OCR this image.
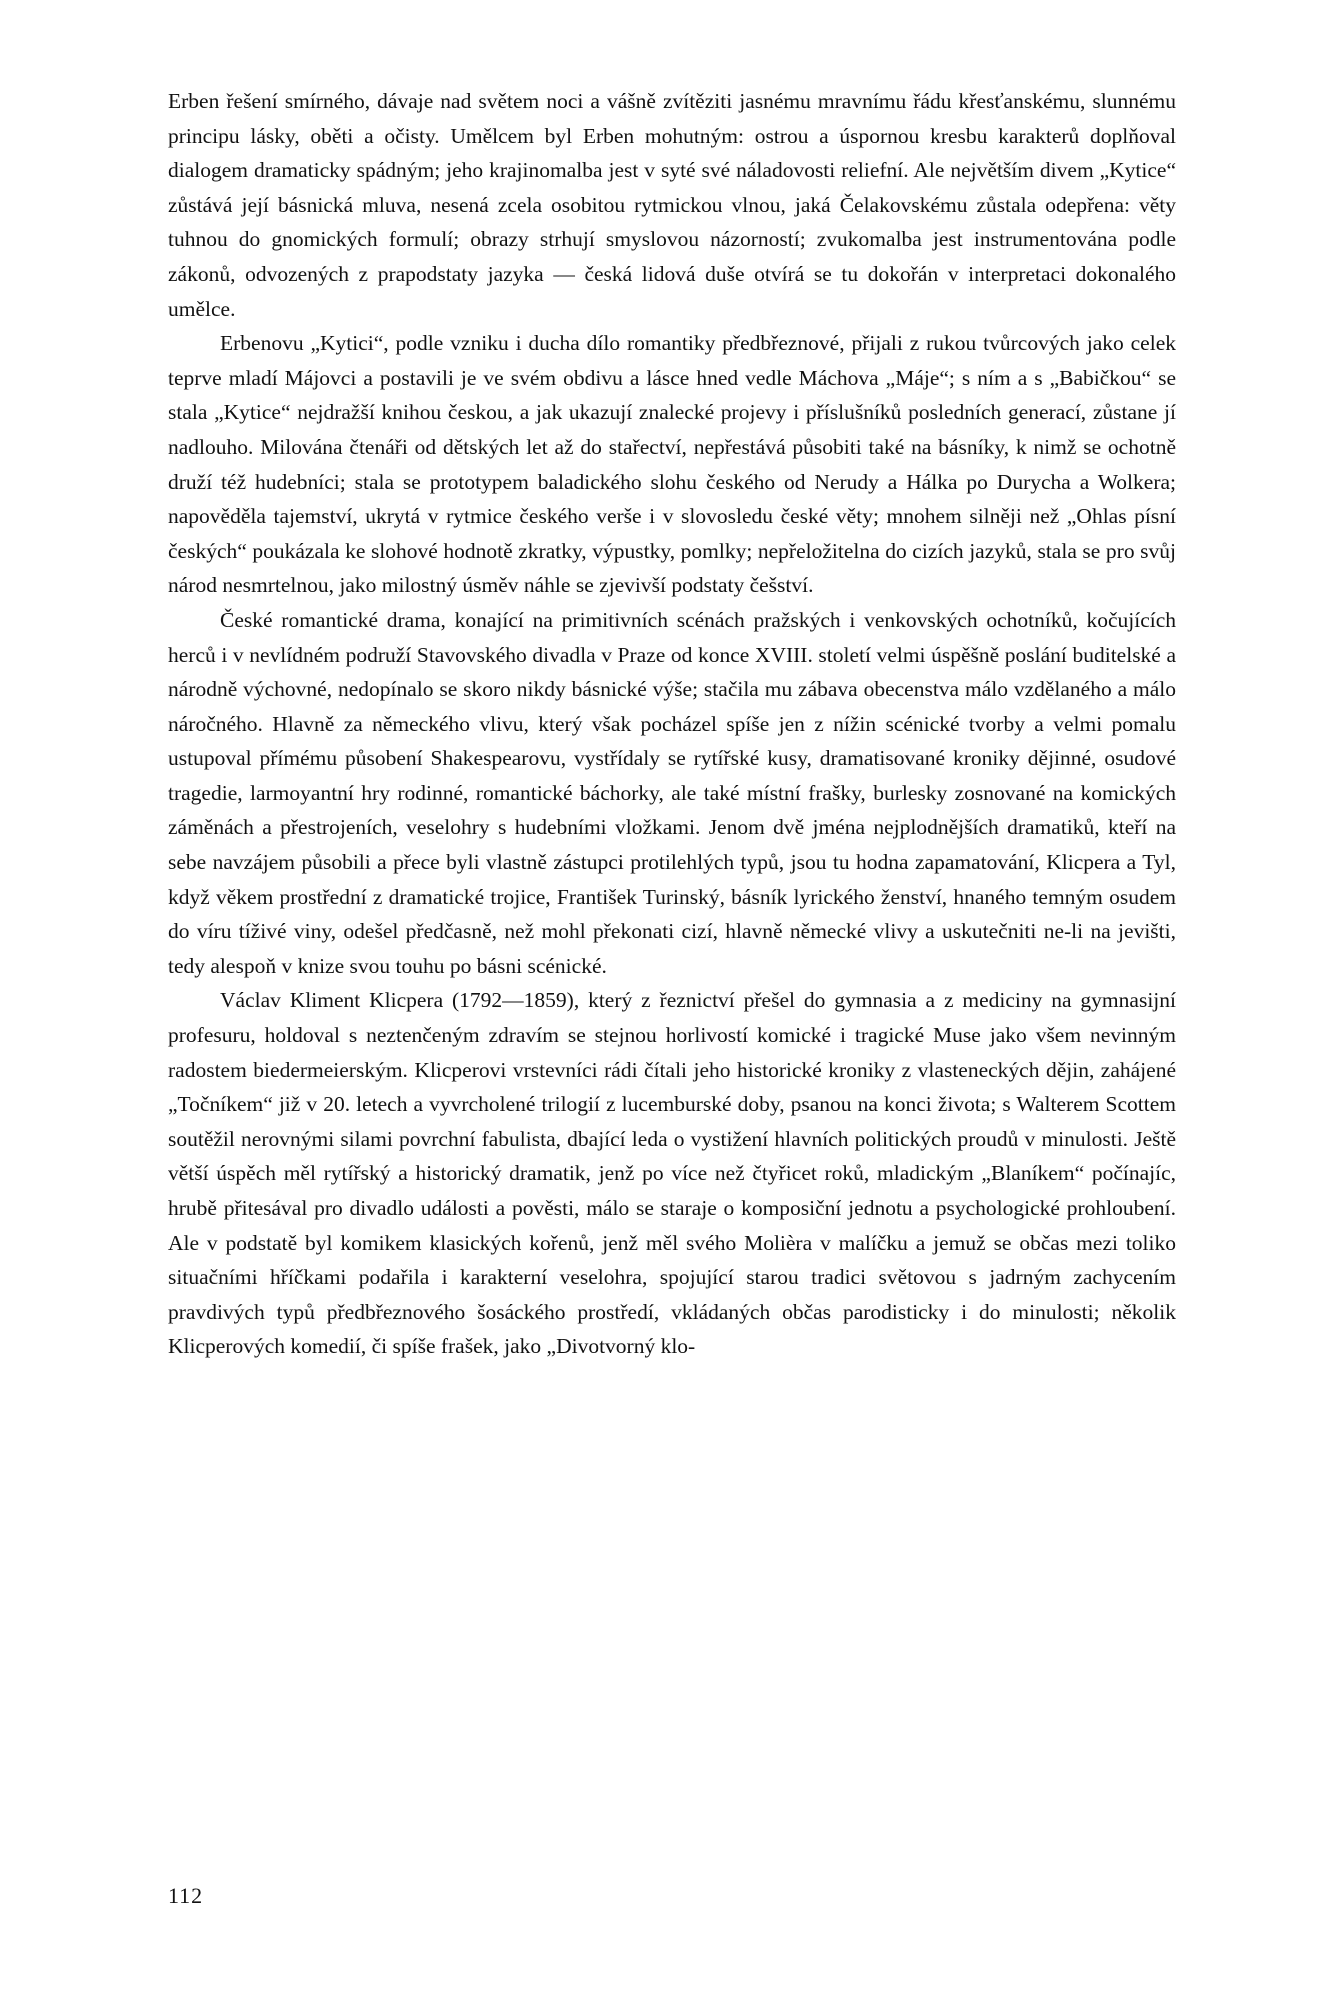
Erben řešení smírného, dávaje nad světem noci a vášně zvítěziti jasnému mravnímu řádu křesťanskému, slunnému principu lásky, oběti a očisty. Umělcem byl Erben mohutným: ostrou a úspornou kresbu karakterů doplňoval dialogem dramaticky spádným; jeho krajinomalba jest v syté své náladovosti reliefní. Ale největším divem „Kytice“ zůstává její básnická mluva, nesená zcela osobitou rytmickou vlnou, jaká Čelakovskému zůstala odepřena: věty tuhnou do gnomických formulí; obrazy strhují smyslovou názorností; zvukomalba jest instrumentována podle zákonů, odvozených z prapodstaty jazyka — česká lidová duše otvírá se tu dokořán v interpretaci dokonalého umělce.

Erbenovu „Kytici“, podle vzniku i ducha dílo romantiky předbřeznové, přijali z rukou tvůrcových jako celek teprve mladí Májovci a postavili je ve svém obdivu a lásce hned vedle Máchova „Máje“; s ním a s „Babičkou“ se stala „Kytice“ nejdražší knihou českou, a jak ukazují znalecké projevy i příslušníků posledních generací, zůstane jí nadlouho. Milována čtenáři od dětských let až do stařectví, nepřestává působiti také na básníky, k nimž se ochotně druží též hudebníci; stala se prototypem baladického slohu českého od Nerudy a Hálka po Durycha a Wolkera; napověděla tajemství, ukrytá v rytmice českého verše i v slovosledu české věty; mnohem silněji než „Ohlas písní českých“ poukázala ke slohové hodnotě zkratky, výpustky, pomlky; nepřeložitelna do cizích jazyků, stala se pro svůj národ nesmrtelnou, jako milostný úsměv náhle se zjevivší podstaty češství.

České romantické drama, konající na primitivních scénách pražských i venkovských ochotníků, kočujících herců i v nevlídném podruží Stavovského divadla v Praze od konce XVIII. století velmi úspěšně poslání buditelské a národně výchovné, nedopínalo se skoro nikdy básnické výše; stačila mu zábava obecenstva málo vzdělaného a málo náročného. Hlavně za německého vlivu, který však pocházel spíše jen z nížin scénické tvorby a velmi pomalu ustupoval přímému působení Shakespearovu, vystřídaly se rytířské kusy, dramatisované kroniky dějinné, osudové tragedie, larmoyantní hry rodinné, romantické báchorky, ale také místní frašky, burlesky zosnované na komických záměnách a přestrojeních, veselohry s hudebními vložkami. Jenom dvě jména nejplodnějších dramatiků, kteří na sebe navzájem působili a přece byli vlastně zástupci protilehlých typů, jsou tu hodna zapamatování, Klicpera a Tyl, když věkem prostřední z dramatické trojice, František Turinský, básník lyrického ženství, hnaného temným osudem do víru tíživé viny, odešel předčasně, než mohl překonati cizí, hlavně německé vlivy a uskutečniti ne-li na jevišti, tedy alespoň v knize svou touhu po básni scénické.

Václav Kliment Klicpera (1792—1859), který z řeznictví přešel do gymnasia a z mediciny na gymnasijní profesuru, holdoval s neztenčeným zdravím se stejnou horlivostí komické i tragické Muse jako všem nevinným radostem biedermeierským. Klicperovi vrstevníci rádi čítali jeho historické kroniky z vlasteneckých dějin, zahájené „Točníkem“ již v 20. letech a vyvrcholené trilogií z lucemburské doby, psanou na konci života; s Walterem Scottem soutěžil nerovnými silami povrchní fabulista, dbající leda o vystižení hlavních politických proudů v minulosti. Ještě větší úspěch měl rytířský a historický dramatik, jenž po více než čtyřicet roků, mladickým „Blaníkem“ počínajíc, hrubě přitesával pro divadlo události a pověsti, málo se staraje o komposiční jednotu a psychologické prohloubení. Ale v podstatě byl komikem klasických kořenů, jenž měl svého Molièra v malíčku a jemuž se občas mezi toliko situačními hříčkami podařila i karakterní veselohra, spojující starou tradici světovou s jadrným zachycením pravdivých typů předbřeznového šosáckého prostředí, vkládaných občas parodisticky i do minulosti; několik Klicperových komedií, či spíše frašek, jako „Divotvorný klo-

112
